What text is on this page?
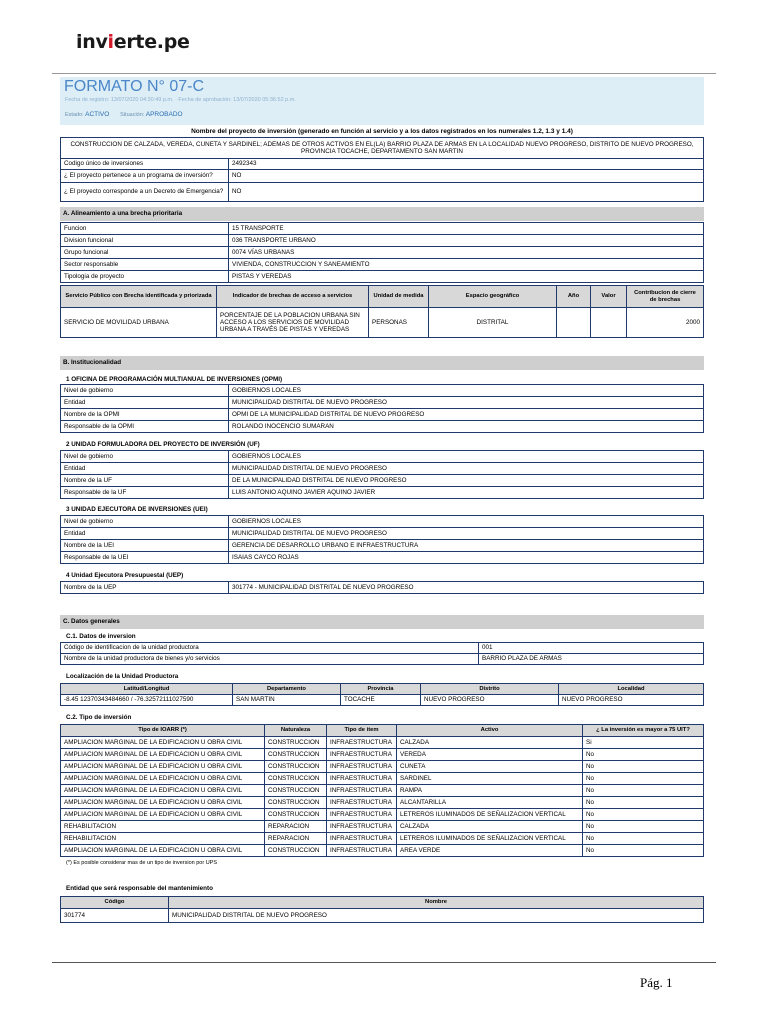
invierte.pe
FORMATO N° 07-C
Fecha de registro: 13/07/2020 04:30:49 p.m. · Fecha de aprobación: 13/07/2020 05:36:52 p.m.
Estado: ACTIVO Situación: APROBADO
Nombre del proyecto de inversión (generado en función al servicio y a los datos registrados en los numerales 1.2, 1.3 y 1.4)
CONSTRUCCION DE CALZADA, VEREDA, CUNETA Y SARDINEL; ADEMAS DE OTROS ACTIVOS EN EL(LA) BARRIO PLAZA DE ARMAS EN LA LOCALIDAD NUEVO PROGRESO, DISTRITO DE NUEVO PROGRESO, PROVINCIA TOCACHE, DEPARTAMENTO SAN MARTIN
Codigo único de inversiones	2492343
¿ El proyecto pertenece a un programa de inversión?	NO
¿ El proyecto corresponde a un Decreto de Emergencia?	NO
A. Alineamiento a una brecha prioritaria
Funcion	15 TRANSPORTE
Division funcional	036 TRANSPORTE URBANO
Grupo funcional	0074 VÍAS URBANAS
Sector responsable	VIVIENDA, CONSTRUCCION Y SANEAMIENTO
Tipologia de proyecto	PISTAS Y VEREDAS
Servicio Público con Brecha identificada y priorizada	Indicador de brechas de acceso a servicios	Unidad de medida	Espacio geográfico	Año	Valor	Contribucion de cierre de brechas
SERVICIO DE MOVILIDAD URBANA	PORCENTAJE DE LA POBLACION URBANA SIN ACCESO A LOS SERVICIOS DE MOVILIDAD URBANA A TRAVÉS DE PISTAS Y VEREDAS	PERSONAS	DISTRITAL			2000
B. Institucionalidad
1 OFICINA DE PROGRAMACIÓN MULTIANUAL DE INVERSIONES (OPMI)
Nivel de gobierno	GOBIERNOS LOCALES
Entidad	MUNICIPALIDAD DISTRITAL DE NUEVO PROGRESO
Nombre de la OPMI	OPMI DE LA MUNICIPALIDAD DISTRITAL DE NUEVO PROGRESO
Responsable de la OPMI	ROLANDO INOCENCIO SUMARAN
2 UNIDAD FORMULADORA DEL PROYECTO DE INVERSIÓN (UF)
Nivel de gobierno	GOBIERNOS LOCALES
Entidad	MUNICIPALIDAD DISTRITAL DE NUEVO PROGRESO
Nombre de la UF	DE LA MUNICIPALIDAD DISTRITAL DE NUEVO PROGRESO
Responsable de la UF	LUIS ANTONIO AQUINO JAVIER AQUINO JAVIER
3 UNIDAD EJECUTORA DE INVERSIONES (UEI)
Nivel de gobierno	GOBIERNOS LOCALES
Entidad	MUNICIPALIDAD DISTRITAL DE NUEVO PROGRESO
Nombre de la UEI	GERENCIA DE DESARROLLO URBANO E INFRAESTRUCTURA
Responsable de la UEI	ISAIAS CAYCO ROJAS
4 Unidad Ejecutora Presupuestal (UEP)
Nombre de la UEP	301774 - MUNICIPALIDAD DISTRITAL DE NUEVO PROGRESO
C. Datos generales
C.1. Datos de inversion
Código de identificacion de la unidad productora	001
Nombre de la unidad productora de bienes y/o servicios	BARRIO PLAZA DE ARMAS
Localización de la Unidad Productora
Latitud/Longitud	Departamento	Provincia	Distrito	Localidad
-8.45 12370343484660 / -76.32572111027590	SAN MARTIN	TOCACHE	NUEVO PROGRESO	NUEVO PROGRESO
C.2. Tipo de inversión
Tipo de IOARR (*)	Naturaleza	Tipo de item	Activo	¿ La inversión es mayor a 75 UIT?
AMPLIACION MARGINAL DE LA EDIFICACION U OBRA CIVIL	CONSTRUCCION	INFRAESTRUCTURA	CALZADA	Si
AMPLIACION MARGINAL DE LA EDIFICACION U OBRA CIVIL	CONSTRUCCION	INFRAESTRUCTURA	VEREDA	No
AMPLIACION MARGINAL DE LA EDIFICACION U OBRA CIVIL	CONSTRUCCION	INFRAESTRUCTURA	CUNETA	No
AMPLIACION MARGINAL DE LA EDIFICACION U OBRA CIVIL	CONSTRUCCION	INFRAESTRUCTURA	SARDINEL	No
AMPLIACION MARGINAL DE LA EDIFICACION U OBRA CIVIL	CONSTRUCCION	INFRAESTRUCTURA	RAMPA	No
AMPLIACION MARGINAL DE LA EDIFICACION U OBRA CIVIL	CONSTRUCCION	INFRAESTRUCTURA	ALCANTARILLA	No
AMPLIACION MARGINAL DE LA EDIFICACION U OBRA CIVIL	CONSTRUCCION	INFRAESTRUCTURA	LETREROS ILUMINADOS DE SEÑALIZACION VERTICAL	No
REHABILITACION	REPARACION	INFRAESTRUCTURA	CALZADA	No
REHABILITACION	REPARACION	INFRAESTRUCTURA	LETREROS ILUMINADOS DE SEÑALIZACION VERTICAL	No
AMPLIACION MARGINAL DE LA EDIFICACION U OBRA CIVIL	CONSTRUCCION	INFRAESTRUCTURA	AREA VERDE	No
(*) Es posible considerar mas de un tipo de inversion por UPS
Entidad que será responsable del mantenimiento
Código	Nombre
301774	MUNICIPALIDAD DISTRITAL DE NUEVO PROGRESO
Pág. 1
